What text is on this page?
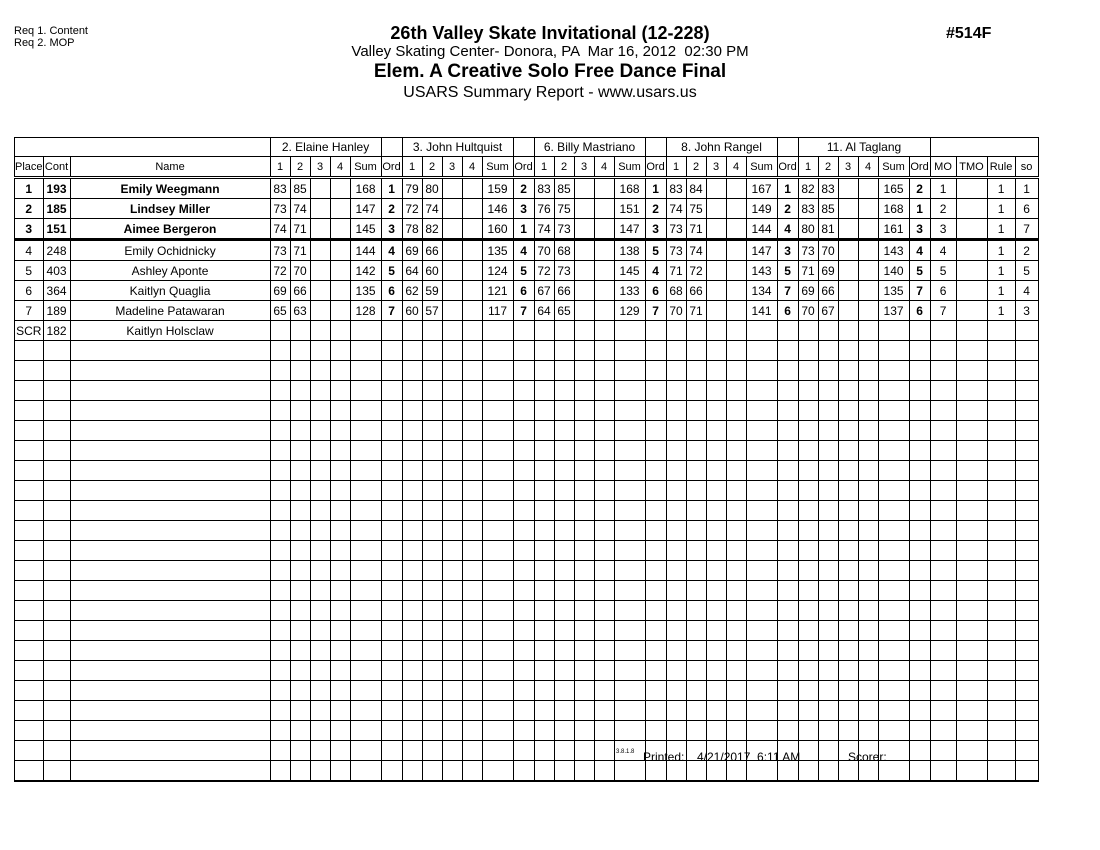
Req 1. Content
Req 2. MOP
#514F
26th Valley Skate Invitational (12-228)
Valley Skating Center- Donora, PA  Mar 16, 2012  02:30 PM
Elem. A Creative Solo Free Dance Final
USARS Summary Report - www.usars.us
			2. Elaine Hanley						3. John Hultquist						6. Billy Mastriano						8. John Rangel						11. Al Taglang									
Place	Cont	Name	1	2	3	4	Sum	Ord	1	2	3	4	Sum	Ord	1	2	3	4	Sum	Ord	1	2	3	4	Sum	Ord	1	2	3	4	Sum	Ord	MO	TMO	Rule	so
1	193	Emily Weegmann	83	85			168	1	79	80			159	2	83	85			168	1	83	84			167	1	82	83			165	2	1		1	1
2	185	Lindsey Miller	73	74			147	2	72	74			146	3	76	75			151	2	74	75			149	2	83	85			168	1	2		1	6
3	151	Aimee Bergeron	74	71			145	3	78	82			160	1	74	73			147	3	73	71			144	4	80	81			161	3	3		1	7
4	248	Emily Ochidnicky	73	71			144	4	69	66			135	4	70	68			138	5	73	74			147	3	73	70			143	4	4		1	2
5	403	Ashley Aponte	72	70			142	5	64	60			124	5	72	73			145	4	71	72			143	5	71	69			140	5	5		1	5
6	364	Kaitlyn Quaglia	69	66			135	6	62	59			121	6	67	66			133	6	68	66			134	7	69	66			135	7	6		1	4
7	189	Madeline Patawaran	65	63			128	7	60	57			117	7	64	65			129	7	70	71			141	6	70	67			137	6	7		1	3
SCR	182	Kaitlyn Holsclaw																																		

3.8.1.8 Printed: 4/21/2017  6:11 AM	Scorer:
